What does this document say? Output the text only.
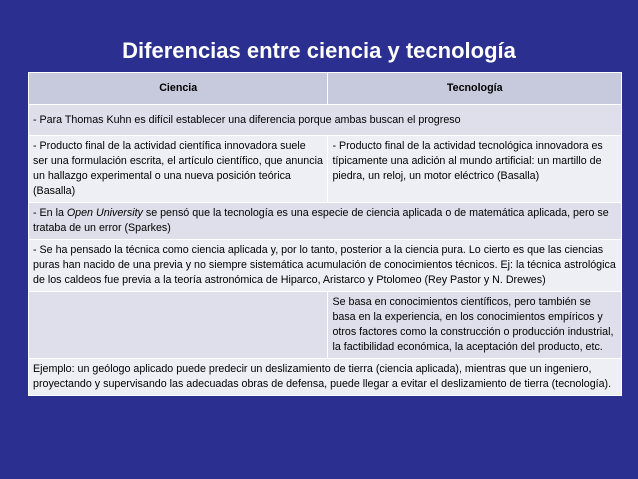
Diferencias entre ciencia y tecnología
Ciencia	Tecnología
- Para Thomas Kuhn es difícil establecer una diferencia porque ambas buscan el progreso	
- Producto final de la actividad científica innovadora suele ser una formulación escrita, el artículo científico, que anuncia un hallazgo experimental o una nueva posición teórica (Basalla)	- Producto final de la actividad tecnológica innovadora es típicamente una adición al mundo artificial: un martillo de piedra, un reloj, un motor eléctrico (Basalla)
- En la Open University se pensó que la tecnología es una especie de ciencia aplicada o de matemática aplicada, pero se trataba de un error (Sparkes)	
- Se ha pensado la técnica como ciencia aplicada y, por lo tanto, posterior a la ciencia pura. Lo cierto es que las ciencias puras han nacido de una previa y no siempre sistemática acumulación de conocimientos técnicos. Ej: la técnica astrológica de los caldeos fue previa a la teoría astronómica de Hiparco, Aristarco y Ptolomeo (Rey Pastor y N. Drewes)	
	Se basa en conocimientos científicos, pero también se basa en la experiencia, en los conocimientos empíricos y otros factores como la construcción o producción industrial, la factibilidad económica, la aceptación del producto, etc.
Ejemplo: un geólogo aplicado puede predecir un deslizamiento de tierra (ciencia aplicada), mientras que un ingeniero, proyectando y supervisando las adecuadas obras de defensa, puede llegar a evitar el deslizamiento de tierra (tecnología).	
